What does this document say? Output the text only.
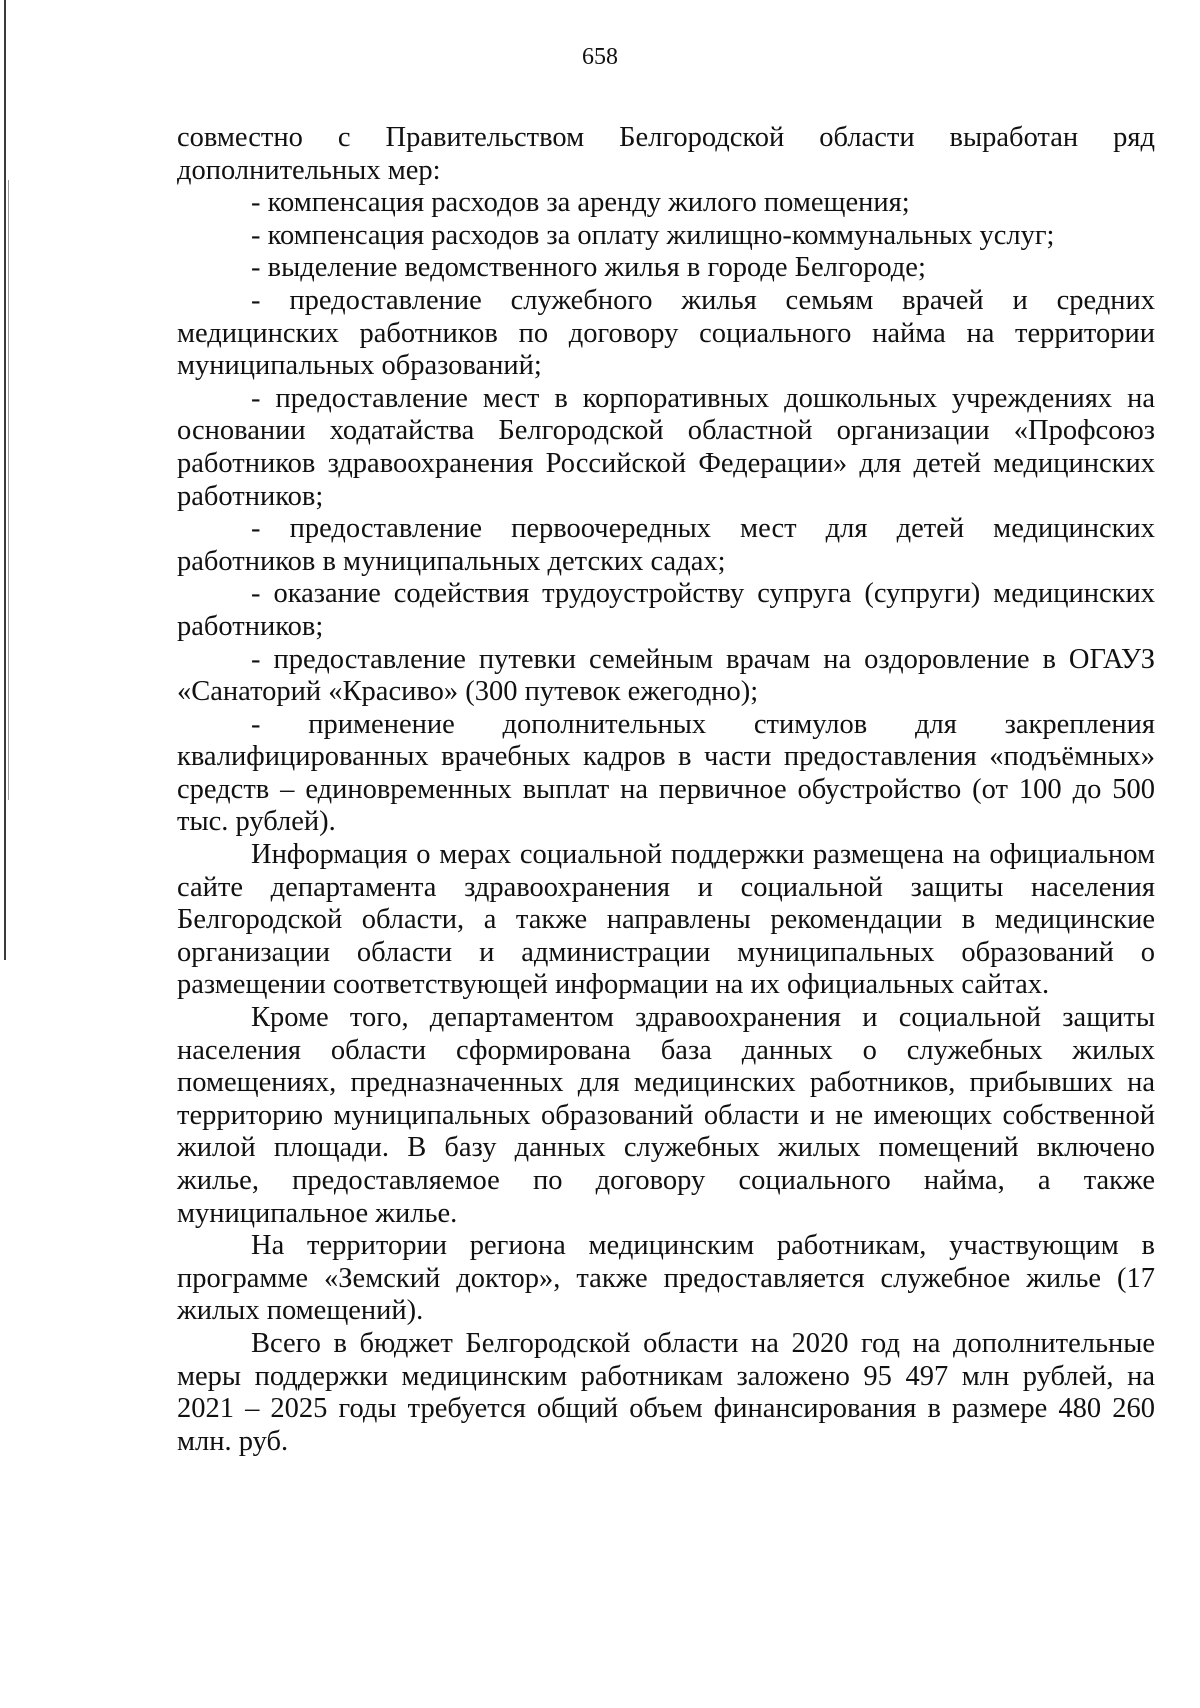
658

совместно с Правительством Белгородской области выработан ряд дополнительных мер:

- компенсация расходов за аренду жилого помещения;

- компенсация расходов за оплату жилищно-коммунальных услуг;

- выделение ведомственного жилья в городе Белгороде;

- предоставление служебного жилья семьям врачей и средних медицинских работников по договору социального найма на территории муниципальных образований;

- предоставление мест в корпоративных дошкольных учреждениях на основании ходатайства Белгородской областной организации «Профсоюз работников здравоохранения Российской Федерации» для детей медицинских работников;

- предоставление первоочередных мест для детей медицинских работников в муниципальных детских садах;

- оказание содействия трудоустройству супруга (супруги) медицинских работников;

- предоставление путевки семейным врачам на оздоровление в ОГАУЗ «Санаторий «Красиво» (300 путевок ежегодно);

- применение дополнительных стимулов для закрепления квалифицированных врачебных кадров в части предоставления «подъёмных» средств – единовременных выплат на первичное обустройство (от 100 до 500 тыс. рублей).

Информация о мерах социальной поддержки размещена на официальном сайте департамента здравоохранения и социальной защиты населения Белгородской области, а также направлены рекомендации в медицинские организации области и администрации муниципальных образований о размещении соответствующей информации на их официальных сайтах.

Кроме того, департаментом здравоохранения и социальной защиты населения области сформирована база данных о служебных жилых помещениях, предназначенных для медицинских работников, прибывших на территорию муниципальных образований области и не имеющих собственной жилой площади. В базу данных служебных жилых помещений включено жилье, предоставляемое по договору социального найма, а также муниципальное жилье.

На территории региона медицинским работникам, участвующим в программе «Земский доктор», также предоставляется служебное жилье (17 жилых помещений).

Всего в бюджет Белгородской области на 2020 год на дополнительные меры поддержки медицинским работникам заложено 95 497 млн рублей, на 2021 – 2025 годы требуется общий объем финансирования в размере 480 260 млн. руб.
